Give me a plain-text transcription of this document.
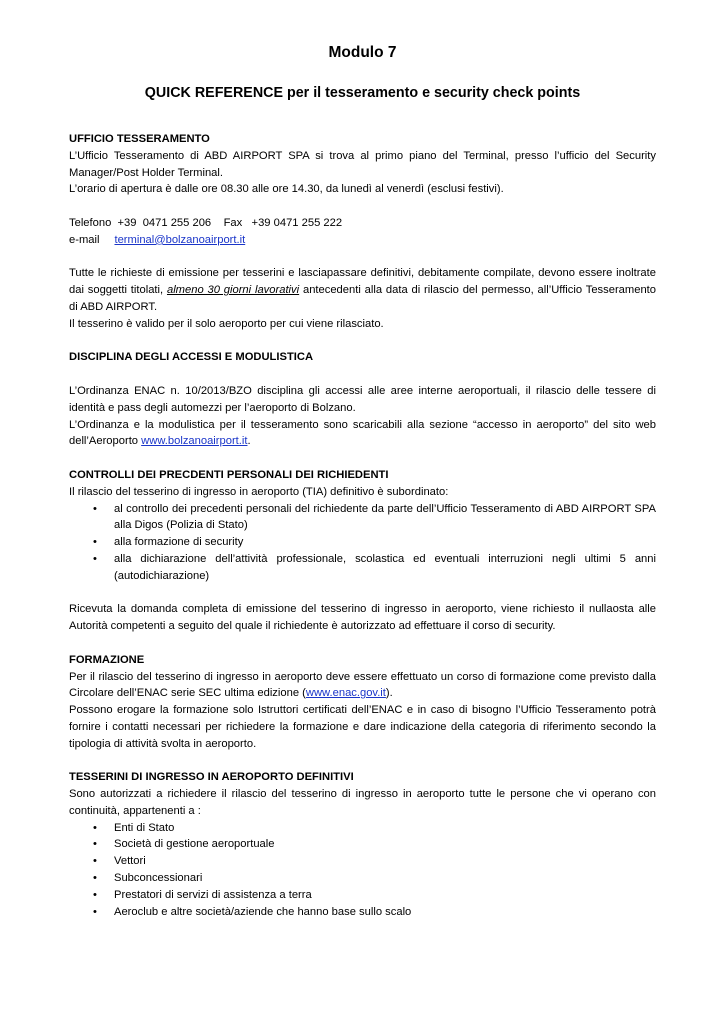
Modulo 7
QUICK REFERENCE per il tesseramento e security check points
UFFICIO TESSERAMENTO

L’Ufficio Tesseramento di ABD AIRPORT SPA si trova al primo piano del Terminal, presso l’ufficio del Security

Manager/Post Holder Terminal.

L’orario di apertura è dalle ore 08.30 alle ore 14.30, da lunedì al venerdì (esclusi festivi).

Telefono  +39  0471 255 206    Fax   +39 0471 255 222

e-mail terminal@bolzanoairport.it

Tutte le richieste di emissione per tesserini e lasciapassare definitivi, debitamente compilate, devono essere inoltrate dai soggetti titolati, almeno 30 giorni lavorativi antecedenti alla data di rilascio del permesso, all’Ufficio Tesseramento di ABD AIRPORT.

Il tesserino è valido per il solo aeroporto per cui viene rilasciato.

DISCIPLINA DEGLI ACCESSI E MODULISTICA

L’Ordinanza ENAC n. 10/2013/BZO disciplina gli accessi alle aree interne aeroportuali, il rilascio delle tessere di identità e pass degli automezzi per l’aeroporto di Bolzano.

L’Ordinanza e la modulistica per il tesseramento sono scaricabili alla sezione “accesso in aeroporto” del sito web dell’Aeroporto www.bolzanoairport.it.

CONTROLLI DEI PRECDENTI PERSONALI DEI RICHIEDENTI

Il rilascio del tesserino di ingresso in aeroporto (TIA) definitivo è subordinato:

• al controllo dei precedenti personali del richiedente da parte dell’Ufficio Tesseramento di ABD AIRPORT SPA alla Digos (Polizia di Stato)
• alla formazione di security
• alla dichiarazione dell’attività professionale, scolastica ed eventuali interruzioni negli ultimi 5 anni (autodichiarazione)

Ricevuta la domanda completa di emissione del tesserino di ingresso in aeroporto, viene richiesto il nullaosta alle Autorità competenti a seguito del quale il richiedente è autorizzato ad effettuare il corso di security.

FORMAZIONE

Per il rilascio del tesserino di ingresso in aeroporto deve essere effettuato un corso di formazione come previsto dalla Circolare dell’ENAC serie SEC ultima edizione (www.enac.gov.it).

Possono erogare la formazione solo Istruttori certificati dell’ENAC e in caso di bisogno l’Ufficio Tesseramento potrà fornire i contatti necessari per richiedere la formazione e dare indicazione della categoria di riferimento secondo la tipologia di attività svolta in aeroporto.

TESSERINI DI INGRESSO IN AEROPORTO DEFINITIVI

Sono autorizzati a richiedere il rilascio del tesserino di ingresso in aeroporto tutte le persone che vi operano con continuità, appartenenti a :

• Enti di Stato
• Società di gestione aeroportuale
• Vettori
• Subconcessionari
• Prestatori di servizi di assistenza a terra
• Aeroclub e altre società/aziende che hanno base sullo scalo
